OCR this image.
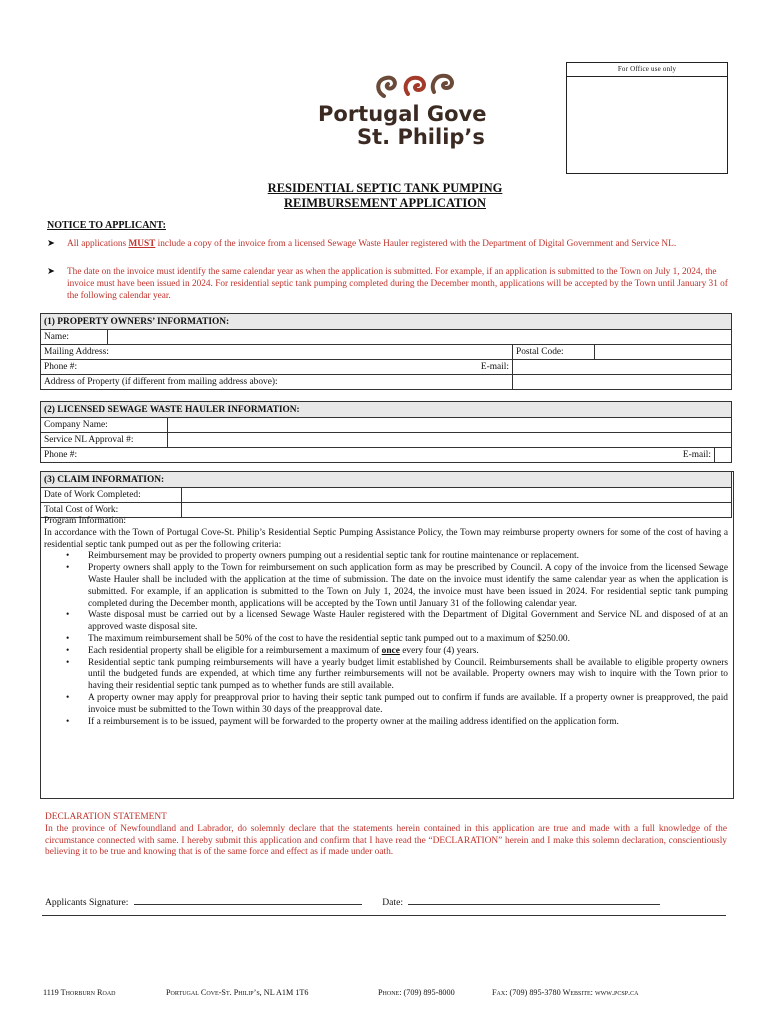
For Office use only
Portugal Gove
St. Philip’s
RESIDENTIAL SEPTIC TANK PUMPING
REIMBURSEMENT APPLICATION
NOTICE TO APPLICANT:
➤ All applications MUST include a copy of the invoice from a licensed Sewage Waste Hauler registered with the Department of Digital Government and Service NL.
➤ The date on the invoice must identify the same calendar year as when the application is submitted. For example, if an application is submitted to the Town on July 1, 2024, the invoice must have been issued in 2024. For residential septic tank pumping completed during the December month, applications will be accepted by the Town until January 31 of the following calendar year.
(1) PROPERTY OWNERS’ INFORMATION:			
Name:			
Mailing Address:		Postal Code:	
Phone #: E-mail:			

Address of Property (if different from mailing address above):			
(2) LICENSED SEWAGE WASTE HAULER INFORMATION:		
Company Name:		
Service NL Approval #:		
Phone #: E-mail:		

(3) CLAIM INFORMATION:	
Date of Work Completed:	
Total Cost of Work:	
Program Information:
In accordance with the Town of Portugal Cove-St. Philip’s Residential Septic Pumping Assistance Policy, the Town may reimburse property owners for some of the cost of having a residential septic tank pumped out as per the following criteria:
• Reimbursement may be provided to property owners pumping out a residential septic tank for routine maintenance or replacement.
• Property owners shall apply to the Town for reimbursement on such application form as may be prescribed by Council. A copy of the invoice from the licensed Sewage Waste Hauler shall be included with the application at the time of submission. The date on the invoice must identify the same calendar year as when the application is submitted. For example, if an application is submitted to the Town on July 1, 2024, the invoice must have been issued in 2024. For residential septic tank pumping completed during the December month, applications will be accepted by the Town until January 31 of the following calendar year.
• Waste disposal must be carried out by a licensed Sewage Waste Hauler registered with the Department of Digital Government and Service NL and disposed of at an approved waste disposal site.
• The maximum reimbursement shall be 50% of the cost to have the residential septic tank pumped out to a maximum of $250.00.
• Each residential property shall be eligible for a reimbursement a maximum of once every four (4) years.
• Residential septic tank pumping reimbursements will have a yearly budget limit established by Council. Reimbursements shall be available to eligible property owners until the budgeted funds are expended, at which time any further reimbursements will not be available. Property owners may wish to inquire with the Town prior to having their residential septic tank pumped as to whether funds are still available.
• A property owner may apply for preapproval prior to having their septic tank pumped out to confirm if funds are available. If a property owner is preapproved, the paid invoice must be submitted to the Town within 30 days of the preapproval date.
• If a reimbursement is to be issued, payment will be forwarded to the property owner at the mailing address identified on the application form.
DECLARATION STATEMENT
In the province of Newfoundland and Labrador, do solemnly declare that the statements herein contained in this application are true and made with a full knowledge of the circumstance connected with same. I hereby submit this application and confirm that I have read the “DECLARATION” herein and I make this solemn declaration, conscientiously believing it to be true and knowing that is of the same force and effect as if made under oath.
Applicants Signature:	Date:
1119 Thorburn Road	Portugal Cove-St. Philip’s, NL A1M 1T6	Phone: (709) 895-8000	Fax: (709) 895-3780 Website: www.pcsp.ca
